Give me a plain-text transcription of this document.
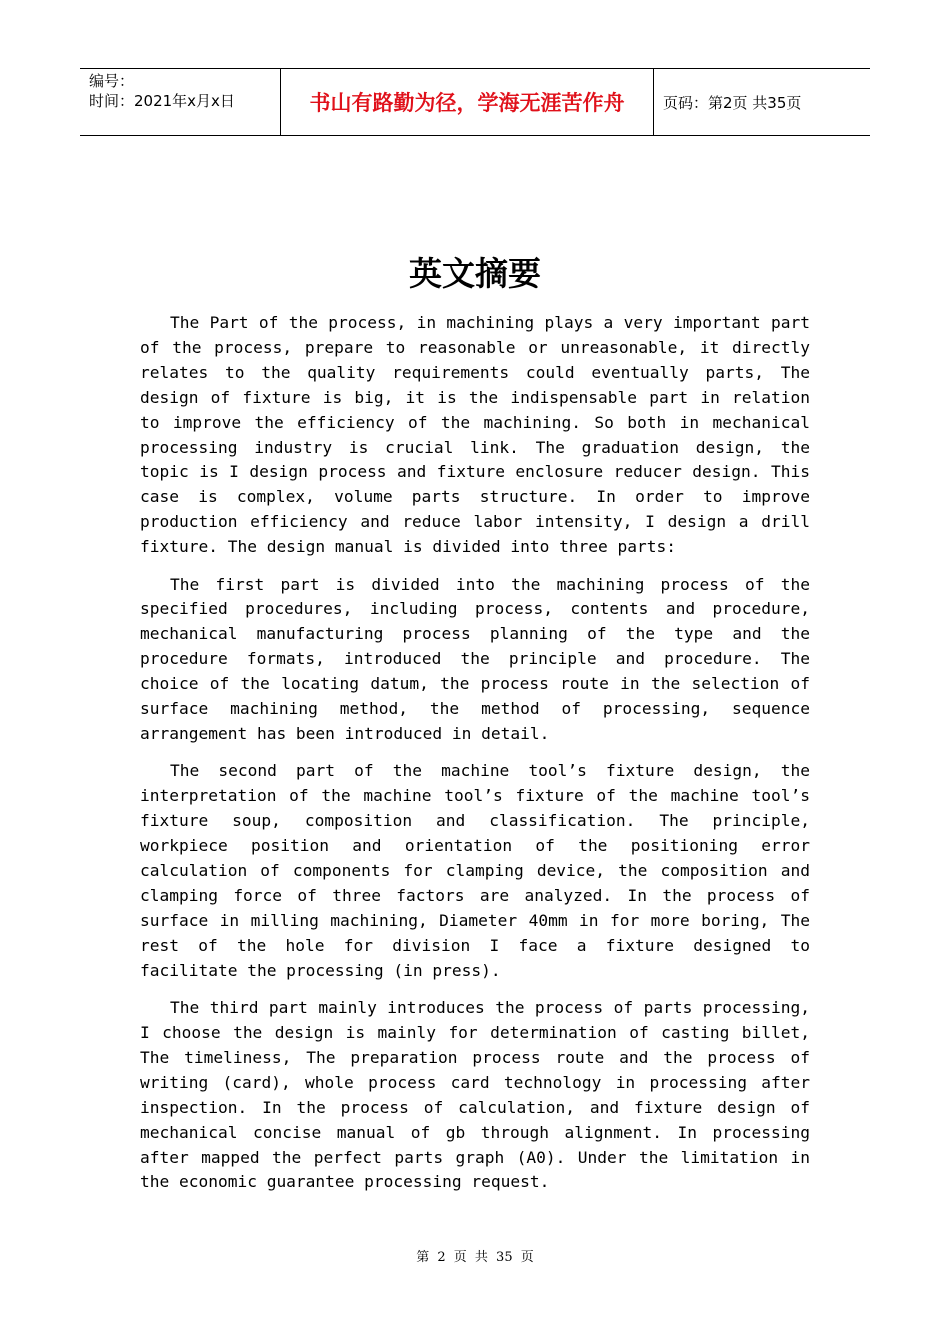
编号：
时间：2021年x月x日	书山有路勤为径，学海无涯苦作舟	页码：第2页 共35页
英文摘要

The Part of the process, in machining plays a very important part of the process, prepare to reasonable or unreasonable, it directly relates to the quality requirements could eventually parts, The design of fixture is big, it is the indispensable part in relation to improve the efficiency of the machining. So both in mechanical processing industry is crucial link. The graduation design, the topic is I design process and fixture enclosure reducer design. This case is complex, volume parts structure. In order to improve production efficiency and reduce labor intensity, I design a drill fixture. The design manual is divided into three parts:

The first part is divided into the machining process of the specified procedures, including process, contents and procedure, mechanical manufacturing process planning of the type and the procedure formats, introduced the principle and procedure. The choice of the locating datum, the process route in the selection of surface machining method, the method of processing, sequence arrangement has been introduced in detail.

The second part of the machine tool’s fixture design, the interpretation of the machine tool’s fixture of the machine tool’s fixture soup, composition and classification. The principle, workpiece position and orientation of the positioning error calculation of components for clamping device, the composition and clamping force of three factors are analyzed. In the process of surface in milling machining, Diameter 40mm in for more boring, The rest of the hole for division I face a fixture designed to facilitate the processing (in press).

The third part mainly introduces the process of parts processing, I choose the design is mainly for determination of casting billet, The timeliness, The preparation process route and the process of writing (card), whole process card technology in processing after inspection. In the process of calculation, and fixture design of mechanical concise manual of gb through alignment. In processing after mapped the perfect parts graph (A0). Under the limitation in the economic guarantee processing request.

第 2 页 共 35 页
